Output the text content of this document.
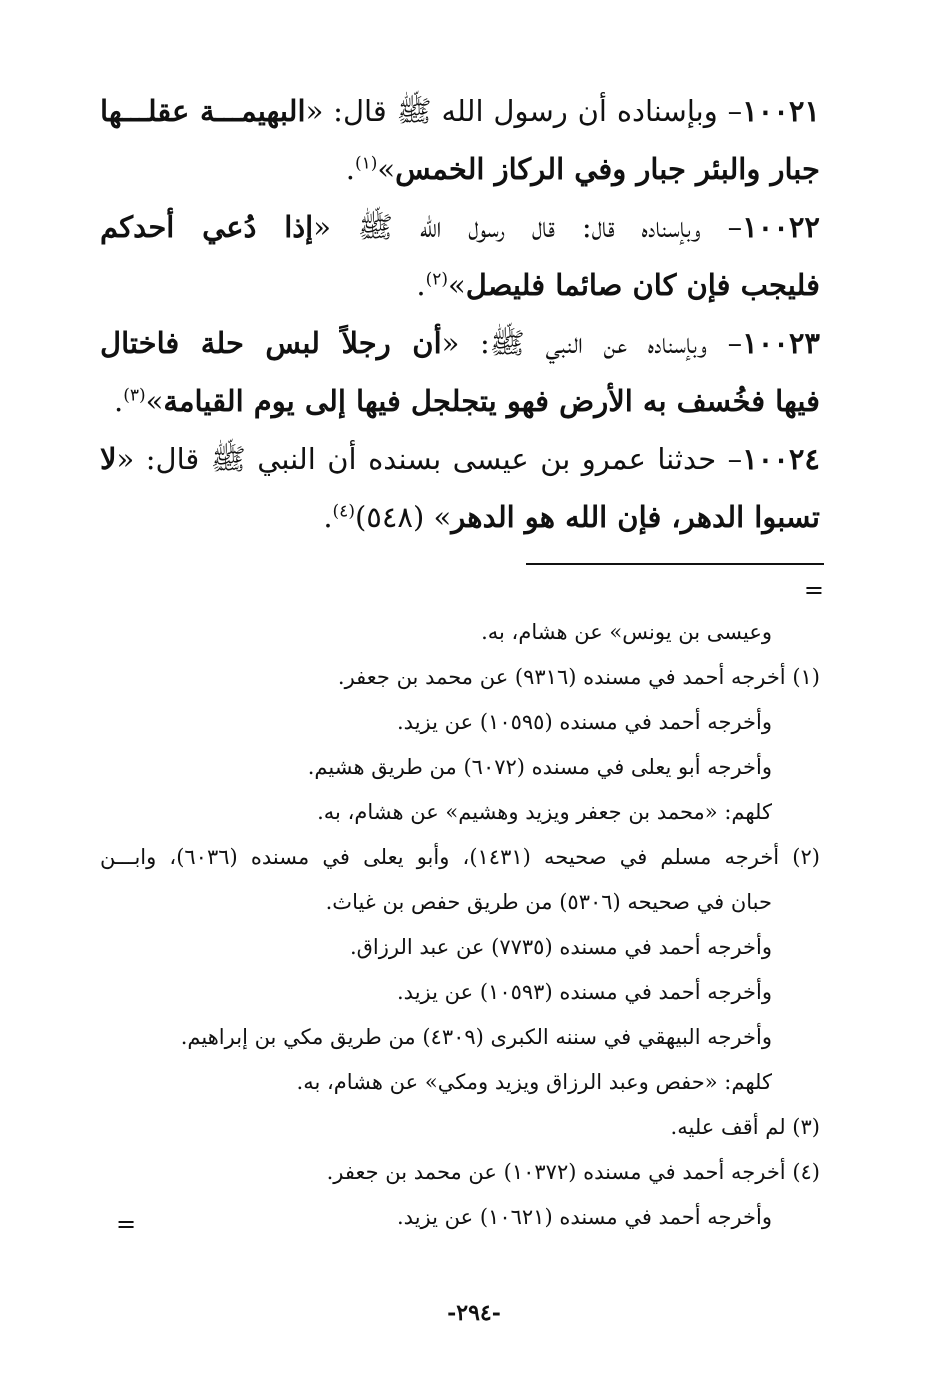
١٠٠٢١– وبإسناده أن رسول الله ﷺ قال: «البهيمـــة عقلـــها
جبار والبئر جبار وفي الركاز الخمس»$^{(١)}$.
١٠٠٢٢– وبإسناده قال: قال رسول الله ﷺ «إذا دُعي أحدكم
فليجب فإن كان صائما فليصل»$^{(٢)}$.
١٠٠٢٣– وبإسناده عن النبي ﷺ: «أن رجلاً لبس حلة فاختال
فيها فخُسف به الأرض فهو يتجلجل فيها إلى يوم القيامة»$^{(٣)}$.
١٠٠٢٤– حدثنا عمرو بن عيسى بسنده أن النبي ﷺ قال: «لا
تسبوا الدهر، فإن الله هو الدهر» (٥٤٨)$^{(٤)}$.
=
وعيسى بن يونس» عن هشام، به.
(١) أخرجه أحمد في مسنده (٩٣١٦) عن محمد بن جعفر.
وأخرجه أحمد في مسنده (١٠٥٩٥) عن يزيد.
وأخرجه أبو يعلى في مسنده (٦٠٧٢) من طريق هشيم.
كلهم: «محمد بن جعفر ويزيد وهشيم» عن هشام، به.
(٢) أخرجه مسلم في صحيحه (١٤٣١)، وأبو يعلى في مسنده (٦٠٣٦)، وابـــن
حبان في صحيحه (٥٣٠٦) من طريق حفص بن غياث.
وأخرجه أحمد في مسنده (٧٧٣٥) عن عبد الرزاق.
وأخرجه أحمد في مسنده (١٠٥٩٣) عن يزيد.
وأخرجه البيهقي في سننه الكبرى (٤٣٠٩) من طريق مكي بن إبراهيم.
كلهم: «حفص وعبد الرزاق ويزيد ومكي» عن هشام، به.
(٣) لم أقف عليه.
(٤) أخرجه أحمد في مسنده (١٠٣٧٢) عن محمد بن جعفر.
وأخرجه أحمد في مسنده (١٠٦٢١) عن يزيد.
=
-٢٩٤-
